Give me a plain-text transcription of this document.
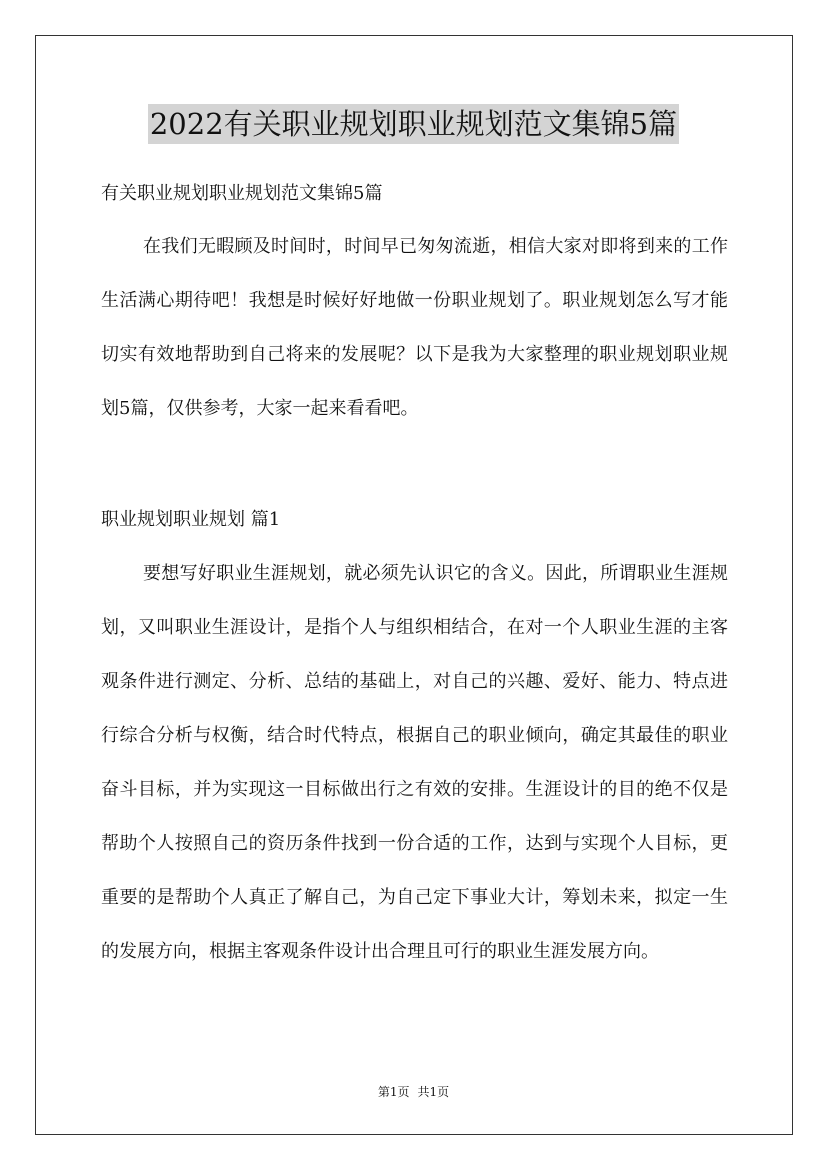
2022有关职业规划职业规划范文集锦5篇
有关职业规划职业规划范文集锦5篇

在我们无暇顾及时间时，时间早已匆匆流逝，相信大家对即将到来的工作生活满心期待吧！我想是时候好好地做一份职业规划了。职业规划怎么写才能切实有效地帮助到自己将来的发展呢？以下是我为大家整理的职业规划职业规划5篇，仅供参考，大家一起来看看吧。

职业规划职业规划 篇1

要想写好职业生涯规划，就必须先认识它的含义。因此，所谓职业生涯规划，又叫职业生涯设计，是指个人与组织相结合，在对一个人职业生涯的主客观条件进行测定、分析、总结的基础上，对自己的兴趣、爱好、能力、特点进行综合分析与权衡，结合时代特点，根据自己的职业倾向，确定其最佳的职业奋斗目标，并为实现这一目标做出行之有效的安排。生涯设计的目的绝不仅是帮助个人按照自己的资历条件找到一份合适的工作，达到与实现个人目标，更重要的是帮助个人真正了解自己，为自己定下事业大计，筹划未来，拟定一生的发展方向，根据主客观条件设计出合理且可行的职业生涯发展方向。

第1页 共1页
